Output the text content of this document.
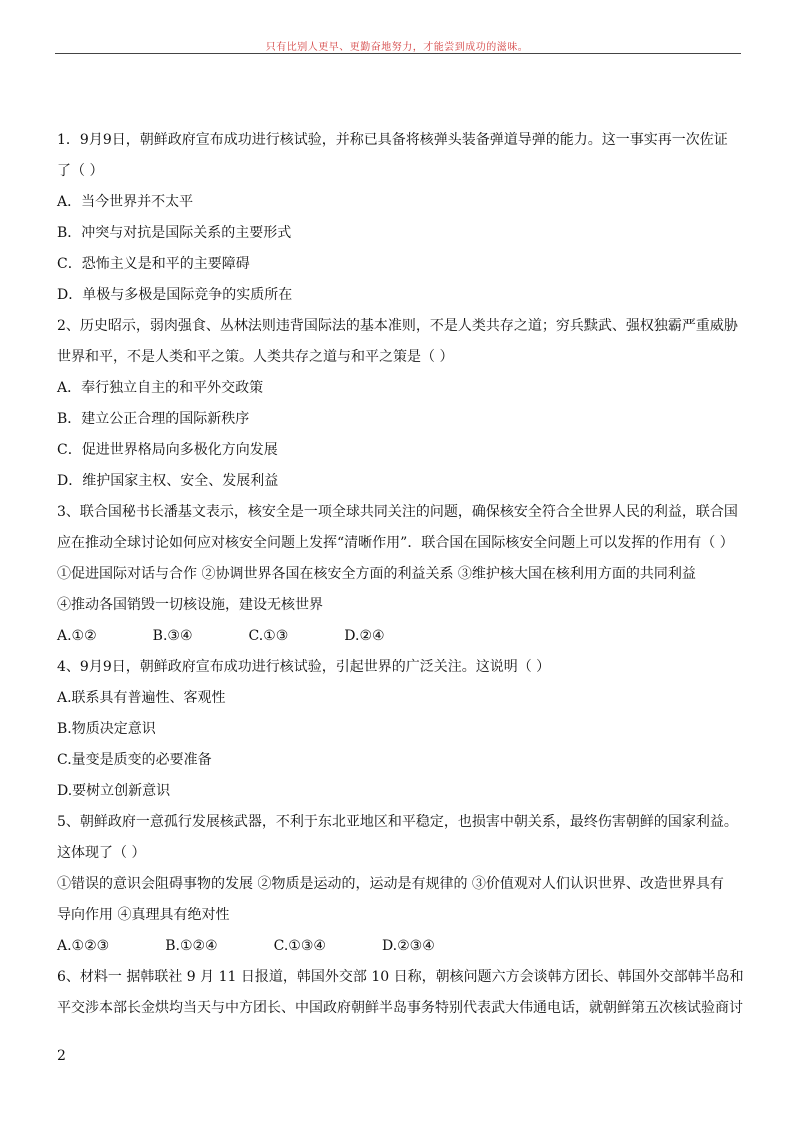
只有比别人更早、更勤奋地努力，才能尝到成功的滋味。
1．9月9日，朝鲜政府宣布成功进行核试验，并称已具备将核弹头装备弹道导弹的能力。这一事实再一次佐证
了（ ）
A．当今世界并不太平
B．冲突与对抗是国际关系的主要形式
C．恐怖主义是和平的主要障碍
D．单极与多极是国际竞争的实质所在
2、历史昭示，弱肉强食、丛林法则违背国际法的基本准则，不是人类共存之道；穷兵黩武、强权独霸严重威胁
世界和平，不是人类和平之策。人类共存之道与和平之策是（ ）
A．奉行独立自主的和平外交政策
B．建立公正合理的国际新秩序
C．促进世界格局向多极化方向发展
D．维护国家主权、安全、发展利益
3、联合国秘书长潘基文表示，核安全是一项全球共同关注的问题，确保核安全符合全世界人民的利益，联合国
应在推动全球讨论如何应对核安全问题上发挥“清晰作用”．联合国在国际核安全问题上可以发挥的作用有（ ）
①促进国际对话与合作 ②协调世界各国在核安全方面的利益关系 ③维护核大国在核利用方面的共同利益
④推动各国销毁一切核设施，建设无核世界
A.①②	B.③④	C.①③	D.②④
4、9月9日，朝鲜政府宣布成功进行核试验，引起世界的广泛关注。这说明（ ）
A.联系具有普遍性、客观性
B.物质决定意识
C.量变是质变的必要准备
D.要树立创新意识
5、朝鲜政府一意孤行发展核武器，不利于东北亚地区和平稳定，也损害中朝关系，最终伤害朝鲜的国家利益。
这体现了（ ）
①错误的意识会阻碍事物的发展 ②物质是运动的，运动是有规律的 ③价值观对人们认识世界、改造世界具有
导向作用 ④真理具有绝对性
A.①②③	B.①②④	C.①③④	D.②③④
6、材料一 据韩联社 9 月 11 日报道，韩国外交部 10 日称，朝核问题六方会谈韩方团长、韩国外交部韩半岛和
平交涉本部长金烘均当天与中方团长、中国政府朝鲜半岛事务特别代表武大伟通电话，就朝鲜第五次核试验商讨
2
